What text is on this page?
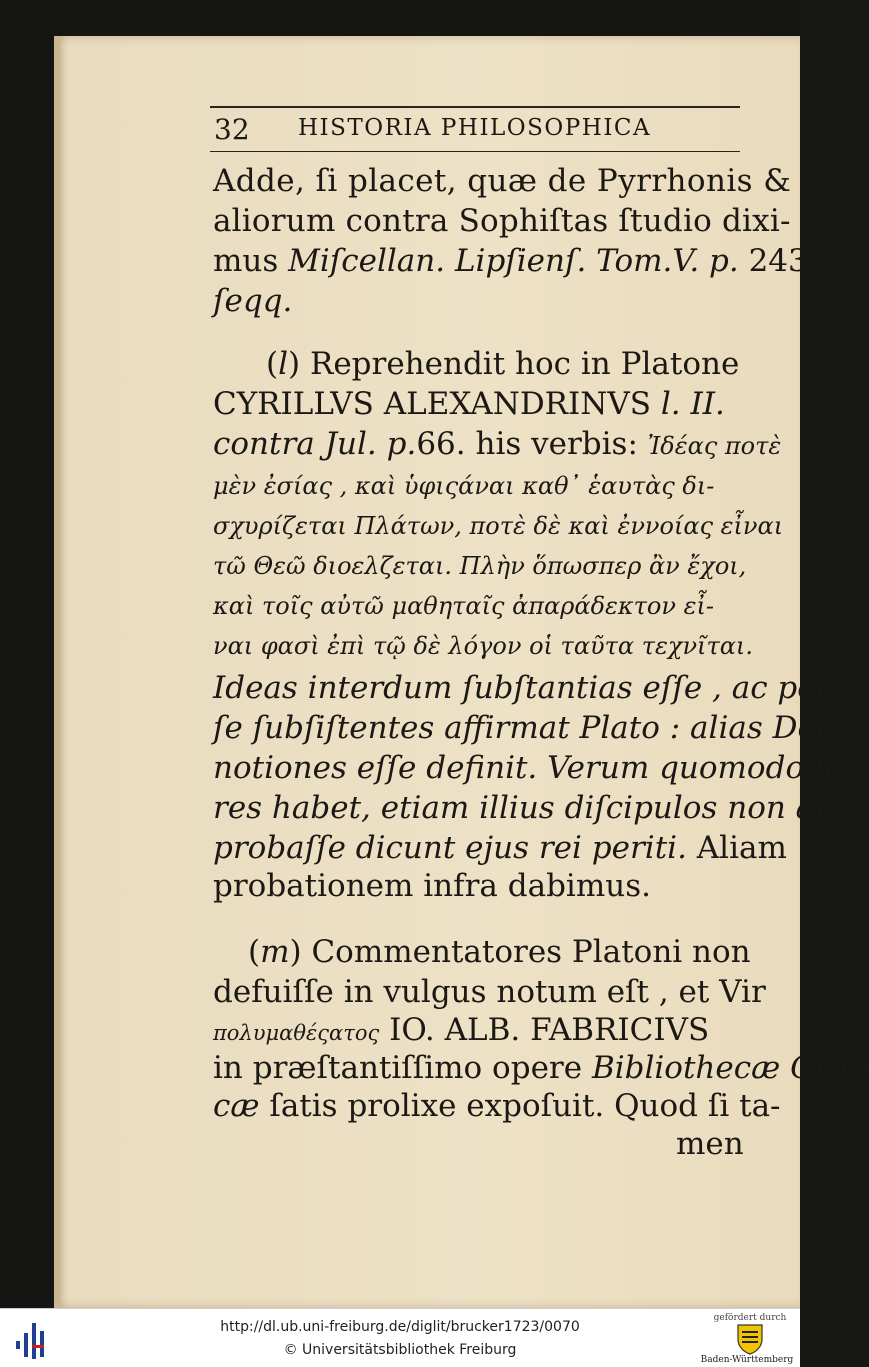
32 HISTORIA PHILOSOPHICA
Adde, ſi placet, quæ de Pyrrhonis &
aliorum contra Sophiſtas ſtudio dixi-
mus Miſcellan. Lipſienſ. Tom.V. p. 243.
ſeqq.
(l) Reprehendit hoc in Platone
CYRILLVS ALEXANDRINVS l. II.
contra Jul. p.66. his verbis: Ἰδέας ποτὲ
μὲν ἐσίας , καὶ ὑφιςάναι καθ᾽ ἑαυτὰς δι-
σχυρίζεται Πλάτων, ποτὲ δὲ καὶ ἐννοίας εἶναι
τῶ Θεῶ διοελζεται. Πλὴν ὅπωσπερ ἂν ἔχοι,
καὶ τοῖς αὐτῶ μαθηταῖς ἀπαράδεκτον εἶ-
ναι φασὶ ἐπὶ τῷ δὲ λόγον οἱ ταῦτα τεχνῖται.
Ideas interdum ſubſtantias eſſe , ac per
ſe ſubſiſtentes affirmat Plato : alias Dei
notiones eſſe definit. Verum quomodo ſe
res habet, etiam illius diſcipulos non ap-
probaſſe dicunt ejus rei periti. Aliam
probationem infra dabimus.
(m) Commentatores Platoni non
defuiſſe in vulgus notum eſt , et Vir
πολυμαθέςατος IO. ALB. FABRICIVS
in præſtantiſſimo opere Bibliothecæ Græ-
cæ ſatis prolixe expoſuit. Quod ſi ta-
men
http://dl.ub.uni-freiburg.de/diglit/brucker1723/0070
© Universitätsbibliothek Freiburg
gefördert durch
Baden-Württemberg
